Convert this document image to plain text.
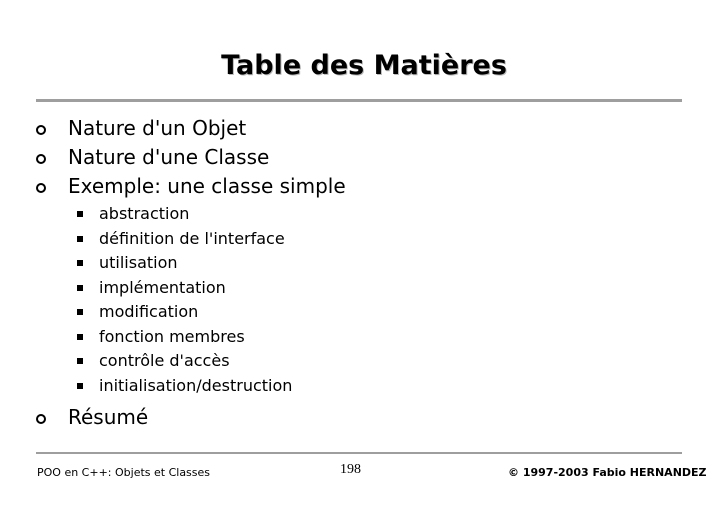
Table des Matières
Nature d'un Objet
Nature d'une Classe
Exemple: une classe simple
abstraction
définition de l'interface
utilisation
implémentation
modification
fonction membres
contrôle d'accès
initialisation/destruction
Résumé
POO en C++: Objets et Classes	198	© 1997-2003 Fabio HERNANDEZ
